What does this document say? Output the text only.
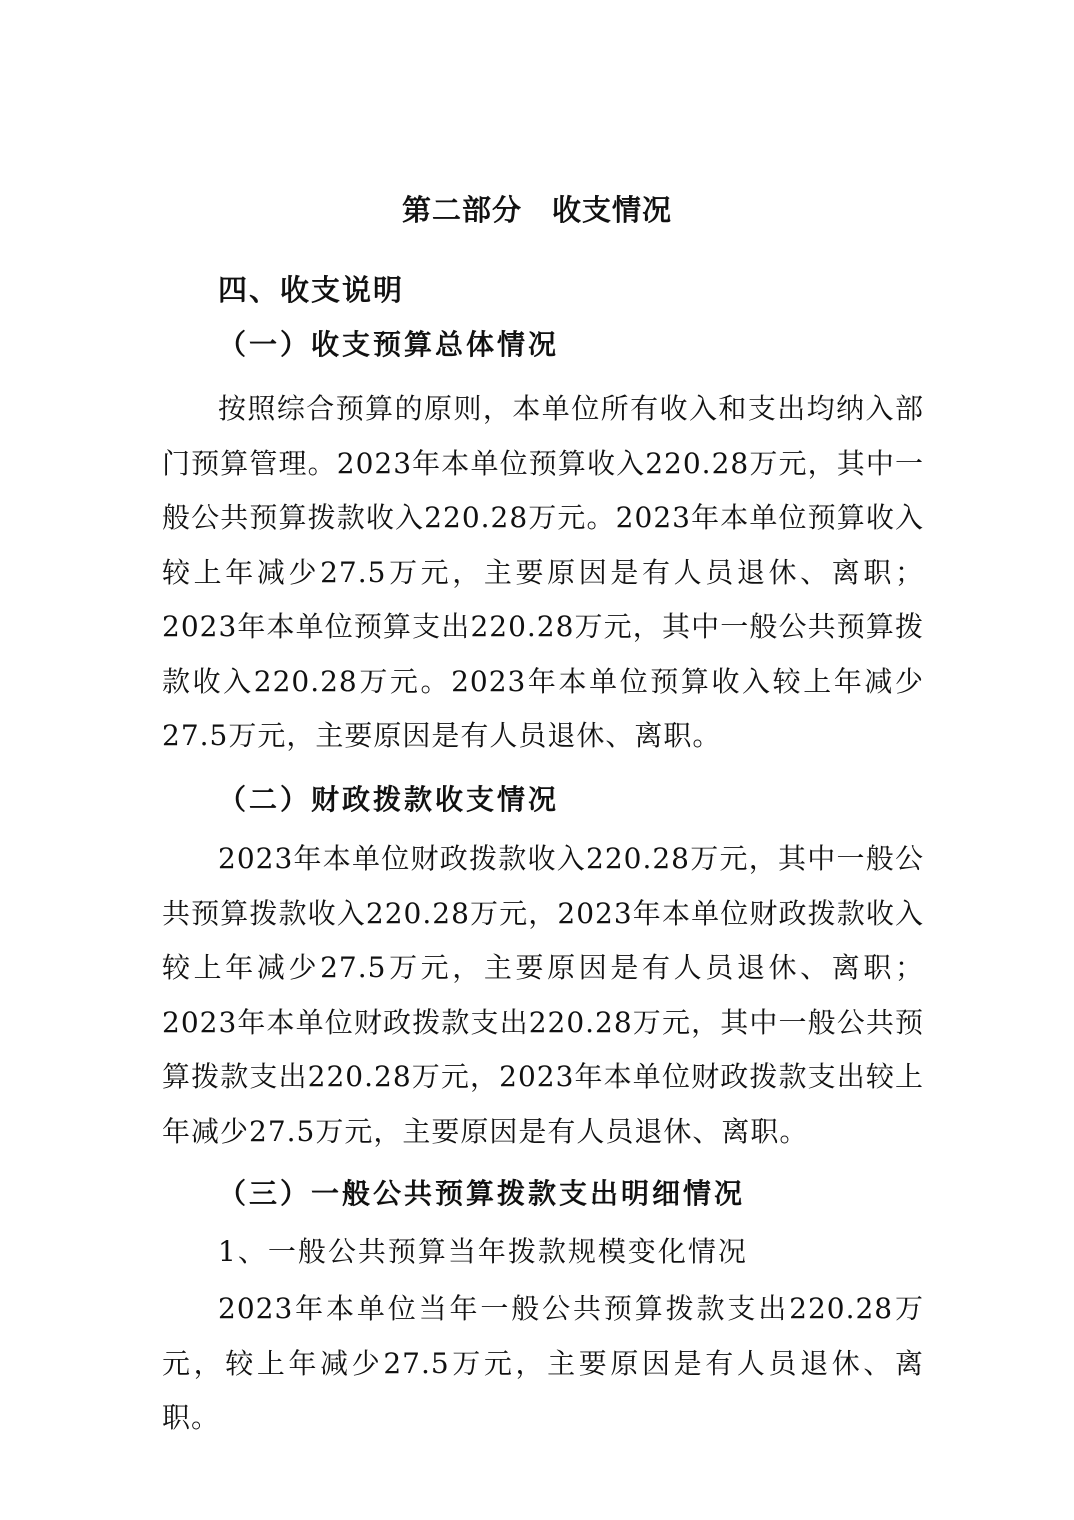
第二部分　收支情况
四、收支说明
（一）收支预算总体情况

按照综合预算的原则，本单位所有收入和支出均纳入部门预算管理。2023年本单位预算收入220.28万元，其中一般公共预算拨款收入220.28万元。2023年本单位预算收入较上年减少27.5万元，主要原因是有人员退休、离职；2023年本单位预算支出220.28万元，其中一般公共预算拨款收入220.28万元。2023年本单位预算收入较上年减少27.5万元，主要原因是有人员退休、离职。

（二）财政拨款收支情况

2023年本单位财政拨款收入220.28万元，其中一般公共预算拨款收入220.28万元，2023年本单位财政拨款收入较上年减少27.5万元，主要原因是有人员退休、离职；2023年本单位财政拨款支出220.28万元，其中一般公共预算拨款支出220.28万元，2023年本单位财政拨款支出较上年减少27.5万元，主要原因是有人员退休、离职。

（三）一般公共预算拨款支出明细情况
1、一般公共预算当年拨款规模变化情况

2023年本单位当年一般公共预算拨款支出220.28万元，较上年减少27.5万元，主要原因是有人员退休、离职。
